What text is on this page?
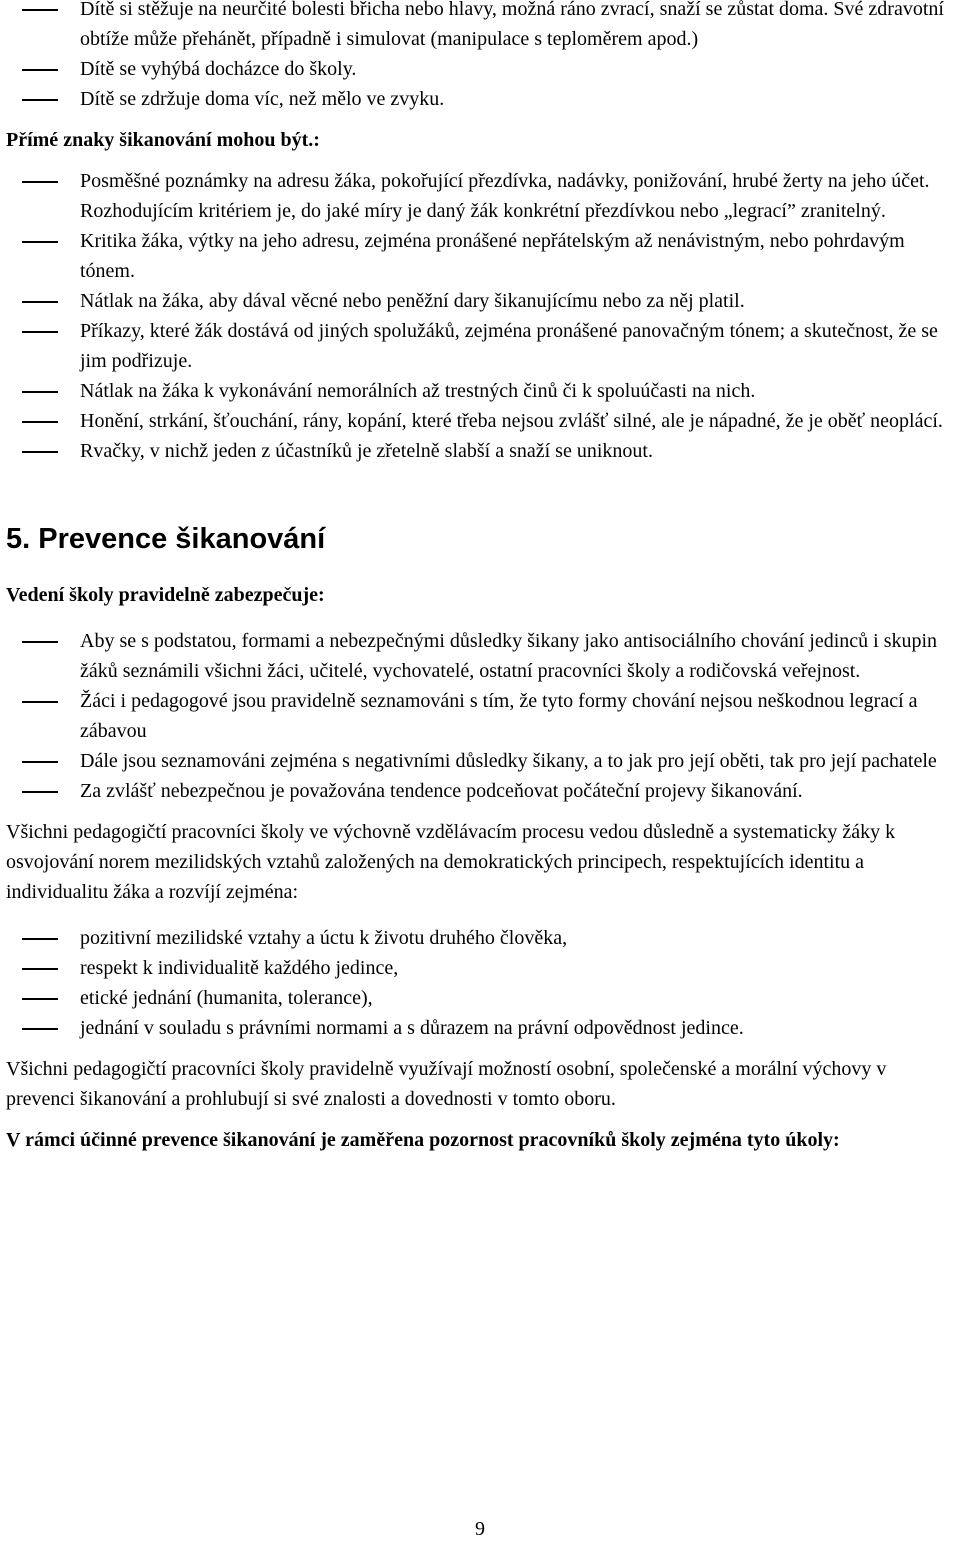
Dítě si stěžuje na neurčité bolesti břicha nebo hlavy, možná ráno zvrací, snaží se zůstat doma. Své zdravotní obtíže může přehánět, případně i simulovat (manipulace s teploměrem apod.)
Dítě se vyhýbá docházce do školy.
Dítě se zdržuje doma víc, než mělo ve zvyku.

Přímé znaky šikanování mohou být.:

Posměšné poznámky na adresu žáka, pokořující přezdívka, nadávky, ponižování, hrubé žerty na jeho účet. Rozhodujícím kritériem je, do jaké míry je daný žák konkrétní přezdívkou nebo „legrací” zranitelný.
Kritika žáka, výtky na jeho adresu, zejména pronášené nepřátelským až nenávistným, nebo pohrdavým tónem.
Nátlak na žáka, aby dával věcné nebo peněžní dary šikanujícímu nebo za něj platil.
Příkazy, které žák dostává od jiných spolužáků, zejména pronášené panovačným tónem; a skutečnost, že se jim podřizuje.
Nátlak na žáka k vykonávání nemorálních až trestných činů či k spoluúčasti na nich.
Honění, strkání, šťouchání, rány, kopání, které třeba nejsou zvlášť silné, ale je nápadné, že je oběť neoplácí.
Rvačky, v nichž jeden z účastníků je zřetelně slabší a snaží se uniknout.
5. Prevence šikanování

Vedení školy pravidelně zabezpečuje:

Aby se s podstatou, formami a nebezpečnými důsledky šikany jako antisociálního chování jedinců i skupin žáků seznámili všichni žáci, učitelé, vychovatelé, ostatní pracovníci školy a rodičovská veřejnost.
Žáci i pedagogové jsou pravidelně seznamováni s tím, že tyto formy chování nejsou neškodnou legrací a zábavou
Dále jsou seznamováni zejména s negativními důsledky šikany, a to jak pro její oběti, tak pro její pachatele
Za zvlášť nebezpečnou je považována tendence podceňovat počáteční projevy šikanování.

Všichni pedagogičtí pracovníci školy ve výchovně vzdělávacím procesu vedou důsledně a systematicky žáky k osvojování norem mezilidských vztahů založených na demokratických principech, respektujících identitu a individualitu žáka a rozvíjí zejména:

pozitivní mezilidské vztahy a úctu k životu druhého člověka,
respekt k individualitě každého jedince,
etické jednání (humanita, tolerance),
jednání v souladu s právními normami a s důrazem na právní odpovědnost jedince.

Všichni pedagogičtí pracovníci školy pravidelně využívají možností osobní, společenské a morální výchovy v prevenci šikanování a prohlubují si své znalosti a dovednosti v tomto oboru.

V rámci účinné prevence šikanování je zaměřena pozornost pracovníků školy zejména tyto úkoly:

9
